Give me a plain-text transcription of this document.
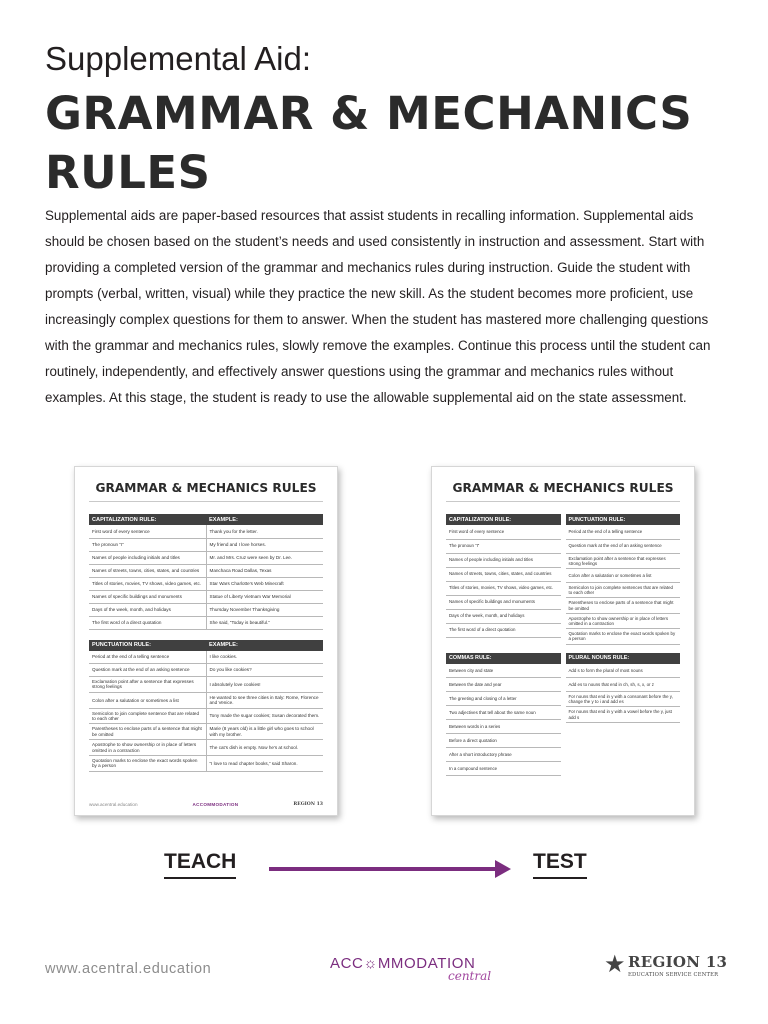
Supplemental Aid:
GRAMMAR & MECHANICS RULES

Supplemental aids are paper-based resources that assist students in recalling information. Supplemental aids should be chosen based on the student’s needs and used consistently in instruction and assessment. Start with providing a completed version of the grammar and mechanics rules during instruction. Guide the student with prompts (verbal, written, visual) while they practice the new skill. As the student becomes more proficient, use increasingly complex questions for them to answer. When the student has mastered more challenging questions with the grammar and mechanics rules, slowly remove the examples. Continue this process until the student can routinely, independently, and effectively answer questions using the grammar and mechanics rules without examples. At this stage, the student is ready to use the allowable supplemental aid on the state assessment.

GRAMMAR & MECHANICS RULES
CAPITALIZATION RULE:	EXAMPLE:
First word of every sentence	Thank you for the letter.
The pronoun “I”	My friend and I love horses.
Names of people including initials and titles	Mr. and Mrs. Cruz were seen by Dr. Lee.
Names of streets, towns, cities, states, and countries	Manchaca Road Dallas, Texas
Titles of stories, movies, TV shows, video games, etc.	Star Wars Charlotte’s Web Minecraft
Names of specific buildings and monuments	Statue of Liberty Vietnam War Memorial
Days of the week, month, and holidays	Thursday November Thanksgiving
The first word of a direct quotation	She said, “Today is beautiful.”
PUNCTUATION RULE:	EXAMPLE:
Period at the end of a telling sentence	I like cookies.
Question mark at the end of an asking sentence	Do you like cookies?
Exclamation point after a sentence that expresses strong feelings	I absolutely love cookies!
Colon after a salutation or sometimes a list	He wanted to see three cities in Italy: Rome, Florence and Venice.
Semicolon to join complete sentence that are related to each other	Tony made the sugar cookies; Susan decorated them.
Parentheses to enclose parts of a sentence that might be omitted	Marie (8 years old) is a little girl who goes to school with my brother.
Apostrophe to show ownership or in place of letters omitted in a contraction	The cat’s dish is empty. Now he’s at school.
Quotation marks to enclose the exact words spoken by a person	“I love to read chapter books,” said Sharon.
www.acentral.education	ACCOMMODATION	REGION 13
GRAMMAR & MECHANICS RULES
CAPITALIZATION RULE:
First word of every sentence
The pronoun “I”
Names of people including initials and titles
Names of streets, towns, cities, states, and countries
Titles of stories, movies, TV shows, video games, etc.
Names of specific buildings and monuments
Days of the week, month, and holidays
The first word of a direct quotation
PUNCTUATION RULE:
Period at the end of a telling sentence
Question mark at the end of an asking sentence
Exclamation point after a sentence that expresses strong feelings
Colon after a salutation or sometimes a list
Semicolon to join complete sentences that are related to each other
Parentheses to enclose parts of a sentence that might be omitted
Apostrophe to show ownership or in place of letters omitted in a contraction
Quotation marks to enclose the exact words spoken by a person
COMMAS RULE:
Between city and state
Between the date and year
The greeting and closing of a letter
Two adjectives that tell about the same noun
Between words in a series
Before a direct quotation
After a short introductory phrase
In a compound sentence
PLURAL NOUNS RULE:
Add s to form the plural of most nouns
Add es to nouns that end in ch, sh, s, x, or z
For nouns that end in y with a consonant before the y, change the y to i and add es
For nouns that end in y with a vowel before the y, just add s
TEACH	TEST
www.acentral.education	ACC☼MMODATION
central	★ REGION 13
EDUCATION SERVICE CENTER
